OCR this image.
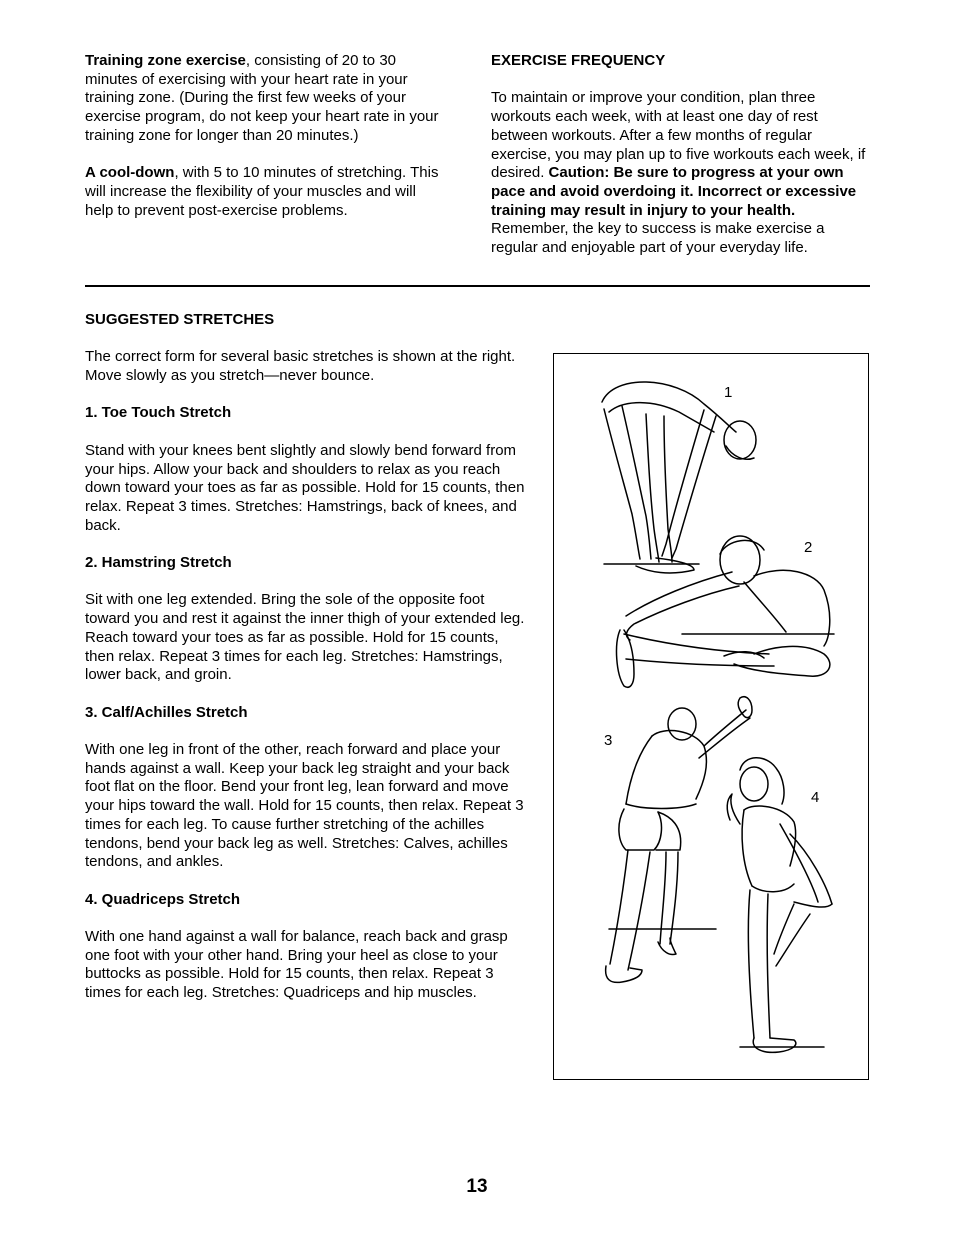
Training zone exercise, consisting of 20 to 30 minutes of exercising with your heart rate in your training zone. (During the first few weeks of your exercise program, do not keep your heart rate in your training zone for longer than 20 minutes.)

A cool-down, with 5 to 10 minutes of stretching. This will increase the flexibility of your muscles and will help to prevent post-exercise problems.

EXERCISE FREQUENCY

To maintain or improve your condition, plan three workouts each week, with at least one day of rest between workouts. After a few months of regular exercise, you may plan up to five workouts each week, if desired. Caution: Be sure to progress at your own pace and avoid overdoing it. Incorrect or excessive training may result in injury to your health. Remember, the key to success is make exercise a regular and enjoyable part of your everyday life.

SUGGESTED STRETCHES

The correct form for several basic stretches is shown at the right. Move slowly as you stretch—never bounce.

1. Toe Touch Stretch

Stand with your knees bent slightly and slowly bend forward from your hips. Allow your back and shoulders to relax as you reach down toward your toes as far as possible. Hold for 15 counts, then relax. Repeat 3 times. Stretches: Hamstrings, back of knees, and back.

2. Hamstring Stretch

Sit with one leg extended. Bring the sole of the opposite foot toward you and rest it against the inner thigh of your extended leg. Reach toward your toes as far as possible. Hold for 15 counts, then relax. Repeat 3 times for each leg. Stretches: Hamstrings, lower back, and groin.

3. Calf/Achilles Stretch

With one leg in front of the other, reach forward and place your hands against a wall. Keep your back leg straight and your back foot flat on the floor. Bend your front leg, lean forward and move your hips toward the wall. Hold for 15 counts, then relax. Repeat 3 times for each leg. To cause further stretching of the achilles tendons, bend your back leg as well. Stretches: Calves, achilles tendons, and ankles.

4. Quadriceps Stretch

With one hand against a wall for balance, reach back and grasp one foot with your other hand. Bring your heel as close to your buttocks as possible. Hold for 15 counts, then relax. Repeat 3 times for each leg. Stretches: Quadriceps and hip muscles.

1
2
3
4
13
